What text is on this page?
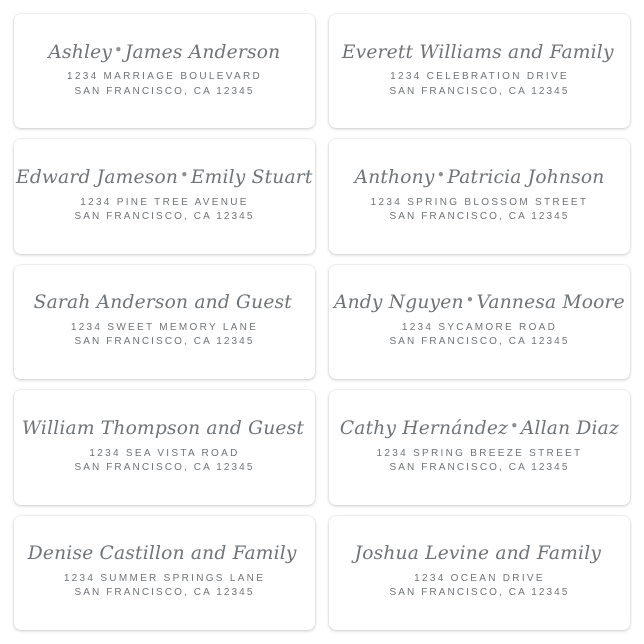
Ashley • James Anderson
1234 MARRIAGE BOULEVARD
SAN FRANCISCO, CA 12345
Everett Williams and Family
1234 CELEBRATION DRIVE
SAN FRANCISCO, CA 12345
Edward Jameson • Emily Stuart
1234 PINE TREE AVENUE
SAN FRANCISCO, CA 12345
Anthony • Patricia Johnson
1234 SPRING BLOSSOM STREET
SAN FRANCISCO, CA 12345
Sarah Anderson and Guest
1234 SWEET MEMORY LANE
SAN FRANCISCO, CA 12345
Andy Nguyen • Vannesa Moore
1234 SYCAMORE ROAD
SAN FRANCISCO, CA 12345
William Thompson and Guest
1234 SEA VISTA ROAD
SAN FRANCISCO, CA 12345
Cathy Hernández • Allan Diaz
1234 SPRING BREEZE STREET
SAN FRANCISCO, CA 12345
Denise Castillon and Family
1234 SUMMER SPRINGS LANE
SAN FRANCISCO, CA 12345
Joshua Levine and Family
1234 OCEAN DRIVE
SAN FRANCISCO, CA 12345
